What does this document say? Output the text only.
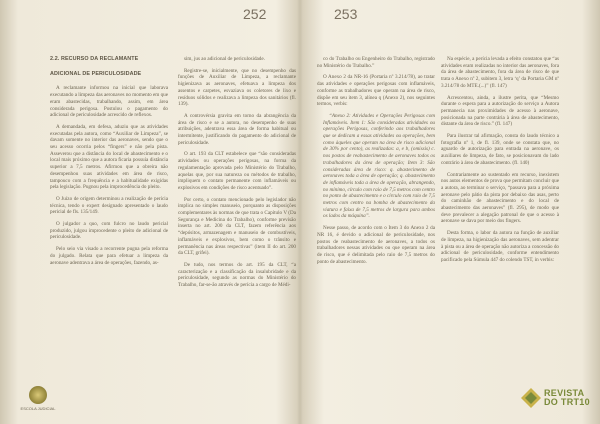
252	253
2.2. RECURSO DA RECLAMANTE
ADICIONAL DE PERICULOSIDADE

A reclamante informou na inicial que laborava executando a limpeza das aeronaves no momento em que eram abastecidas, trabalhando, assim, em área considerada perigosa. Postulou o pagamento do adicional de periculosidade acrescido de reflexos.

A demandada, em defesa, aduziu que as atividades executadas pela autora, como “Auxiliar de Limpeza”, se davam somente no interior das aeronaves, sendo que o seu acesso ocorria pelos “fingers” e não pela pista. Asseverou que a distância do local de abastecimento e o local mais próximo que a autora ficaria possuía distância superior a 7,5 metros. Afirmou que a obreira não desempenhou suas atividades em área de risco, tampouco com a frequência e a habitualidade exigidas pela legislação. Pugnou pela improcedência do pleito.

O Juízo de origem determinou a realização de perícia técnica, tendo o expert designado apresentado o laudo pericial de fls. 135/149.

O julgador a quo, com fulcro no laudo pericial produzido, julgou improcedente o pleito de adicional de periculosidade.

Pelo seio via visado a recorrente pugna pela reforma do julgado. Relata que para efetuar a limpeza da aeronave adentrava a área de operações, fazendo, as-

sim, jus ao adicional de periculosidade.

Registre-se, inicialmente, que no desempenho das funções de Auxiliar de Limpeza, a reclamante higienizava as aeronaves, efetuava a limpeza dos assentos e carpetes, esvaziava os coletores de lixo e resíduos sólidos e realizava a limpeza dos sanitários (fl. 139).

A controvérsia gravita em torno da abrangência da área de risco e se a autora, no desempenho de suas atribuições, adentrava essa área de forma habitual ou intermitente, justificando do pagamento do adicional de periculosidade.

O art. 193 da CLT estabelece que “são consideradas atividades ou operações perigosas, na forma da regulamentação aprovada pelo Ministério do Trabalho, aquelas que, por sua natureza ou métodos de trabalho, impliquem o contato permanente com inflamáveis ou explosivos em condições de risco acentuado”.

Por certo, o contato mencionado pelo legislador não implica no simples manuseio, porquanto as disposições complementares às normas de que trata o Capítulo V (Da Segurança e Medicina do Trabalho), conforme previsão inserta no art. 200 da CLT, fazem referência aos “depósitos, armazenagem e manuseio de combustíveis, inflamáveis e explosivos, bem como o trânsito e permanência nas áreas respectivas” (item II do art. 200 da CLT, grifei).

De tudo, nos termos do art. 195 da CLT, “a caracterização e a classificação da insalubridade e da periculosidade, segundo as normas do Ministério do Trabalho, far-se-ão através de perícia a cargo de Médi-

co do Trabalho ou Engenheiro do Trabalho, registrado no Ministério do Trabalho.”

O Anexo 2 da NR-16 (Portaria nº 3.214/78), ao tratar das atividades e operações perigosas com inflamáveis, conforme as trabalhadores que operam na área de risco, dispõe em seu item 3, alínea q (Anexo 2), nos seguintes termos, verbis:

“Anexo 2: Atividades e Operações Perigosas com Inflamáveis. Item 1: São consideradas atividades ou operações Perigosas, conferindo aos trabalhadores que se dedicam a essas atividades ou operações, bem como àqueles que operam na área de risco adicional de 30% por cento), as realizadas: a, e b, (omissis) c. nos postos de reabastecimento de aeronaves todos os trabalhadores da área de operação; Item 3: São consideradas área de risco: q. abastecimento de aeronaves toda a área de operação; q. abastecimento de inflamáveis toda a área de operação, abrangendo, no mínimo, círculo com raio de 7,5 metros com centro no ponto de abastecimento e o círculo com raio de 7,5 metros com centro na bomba de abastecimento da viatura e faixa de 7,5 metros de largura para ambos os lados da máquina”.

Nesse passo, de acordo com o Item 3 do Anexo 2 da NR 16, é devido o adicional de periculosidade, nos postos de reabastecimento de aeronaves, a todos os trabalhadores nessas atividades ou que operam na área de risco, que é delimitada pelo raio de 7,5 metros do ponto de abastecimento.

Na espécie, a perícia levada a efeito constatou que “as atividades eram realizadas no interior das aeronaves, fora da área de abastecimento, fora da área de risco de que trata o Anexo nº 2, subitem 3, letra ‘q’ da Portaria GM nº 3.214/78 do MTE.(...)” (fl. 147)

Acrescentou, ainda, a ilustre perita, que “Mesmo durante o espera para a autorização do serviço a Autora permanecia nas proximidades de acesso à aeronave, posicionada na parte contrária à área de abastecimento, distante da área de risco.” (fl. 147)

Para ilustrar tal afirmação, consta do laudo técnico a fotografia nº 1, de fl. 139, onde se constata que, no aguardo de autorização para entrada na aeronave, os auxiliares de limpeza, de fato, se posicionavam do lado contrário à área de abastecimento. (fl. 140)

Contrariamente ao sustentado em recurso, inexistem nos autos elementos de prova que permitam concluir que a autora, ao terminar o serviço, “passava para a próxima aeronave pelo pátio da pista por debaixo das asas, perto do caminhão de abastecimento e do local de abastecimento das aeronaves” (fl. 295), de modo que deve prevalecer a alegação patronal de que o acesso à aeronave se dava por meio dos fingers.

Desta forma, o labor da autora na função de auxiliar de limpeza, na higienização das aeronaves, sem adentrar à pista ou a área de operação não autoriza a concessão do adicional de periculosidade, conforme entendimento pacificado pela Súmula 447 do colendo TST, in verbis:

ESCOLA JUDICIAL
REVISTA
DO TRT10
